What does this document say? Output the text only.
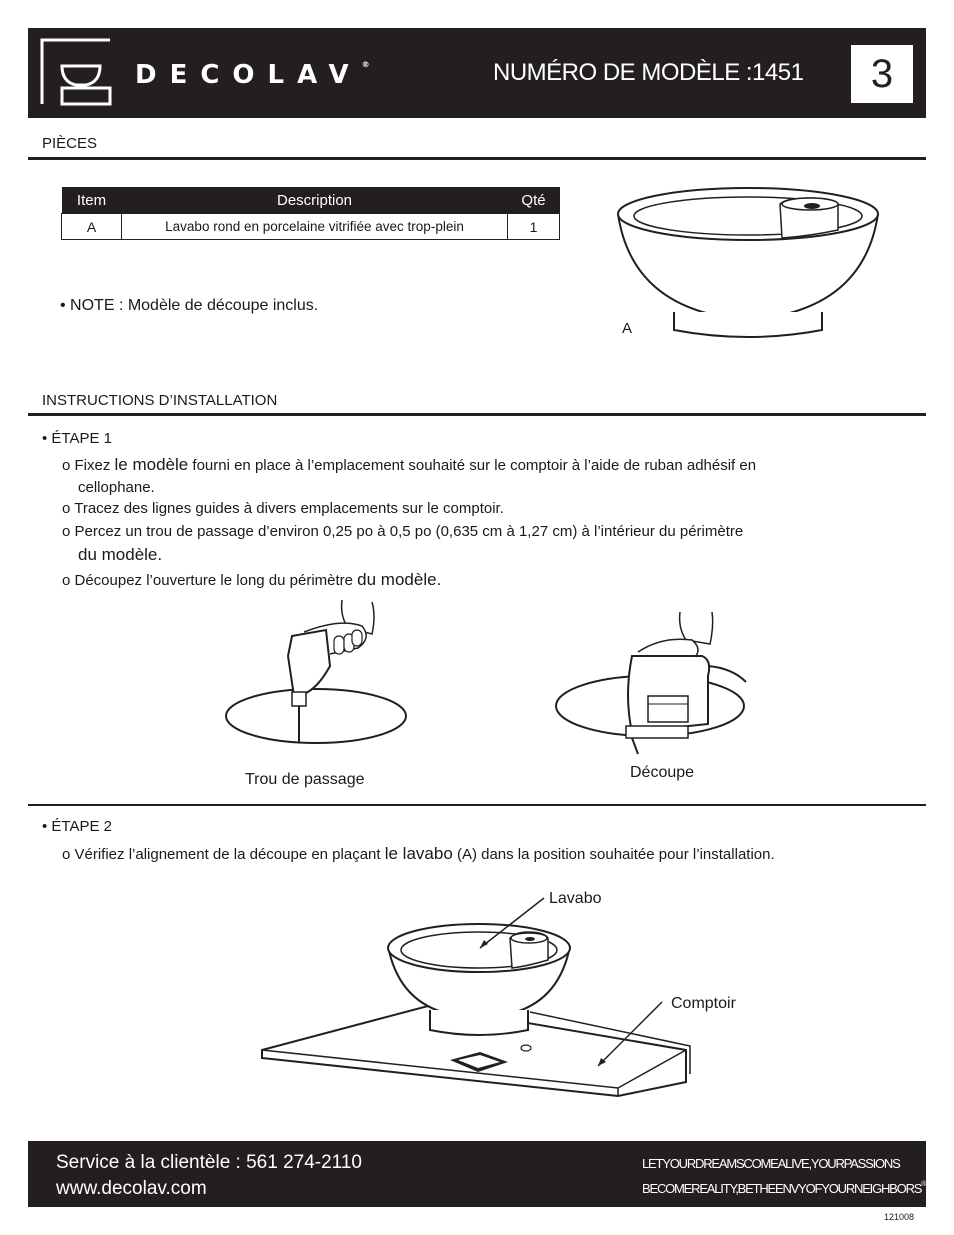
DECOLAV®	NUMÉRO DE MODÈLE :1451	3
PIÈCES
Item	Description	Qté
A	Lavabo rond en porcelaine vitrifiée avec trop-plein	1
• NOTE : Modèle de découpe inclus.
A
INSTRUCTIONS D’INSTALLATION
• ÉTAPE 1
o Fixez le modèle fourni en place à l’emplacement souhaité sur le comptoir à l’aide de ruban adhésif en
cellophane.
o Tracez des lignes guides à divers emplacements sur le comptoir.
o Percez un trou de passage d’environ 0,25 po à 0,5 po (0,635 cm à 1,27 cm) à l’intérieur du périmètre
du modèle.
o Découpez l’ouverture le long du périmètre du modèle.
Trou de passage	Découpe
• ÉTAPE 2
o Vérifiez l’alignement de la découpe en plaçant le lavabo (A) dans la position souhaitée pour l’installation.
Lavabo
Comptoir
Service à la clientèle : 561 274-2110
www.decolav.com
LETYOURDREAMSCOMEALIVE,YOURPASSIONS
BECOMEREALITY,BETHEENVYOFYOURNEIGHBORS®
121008
